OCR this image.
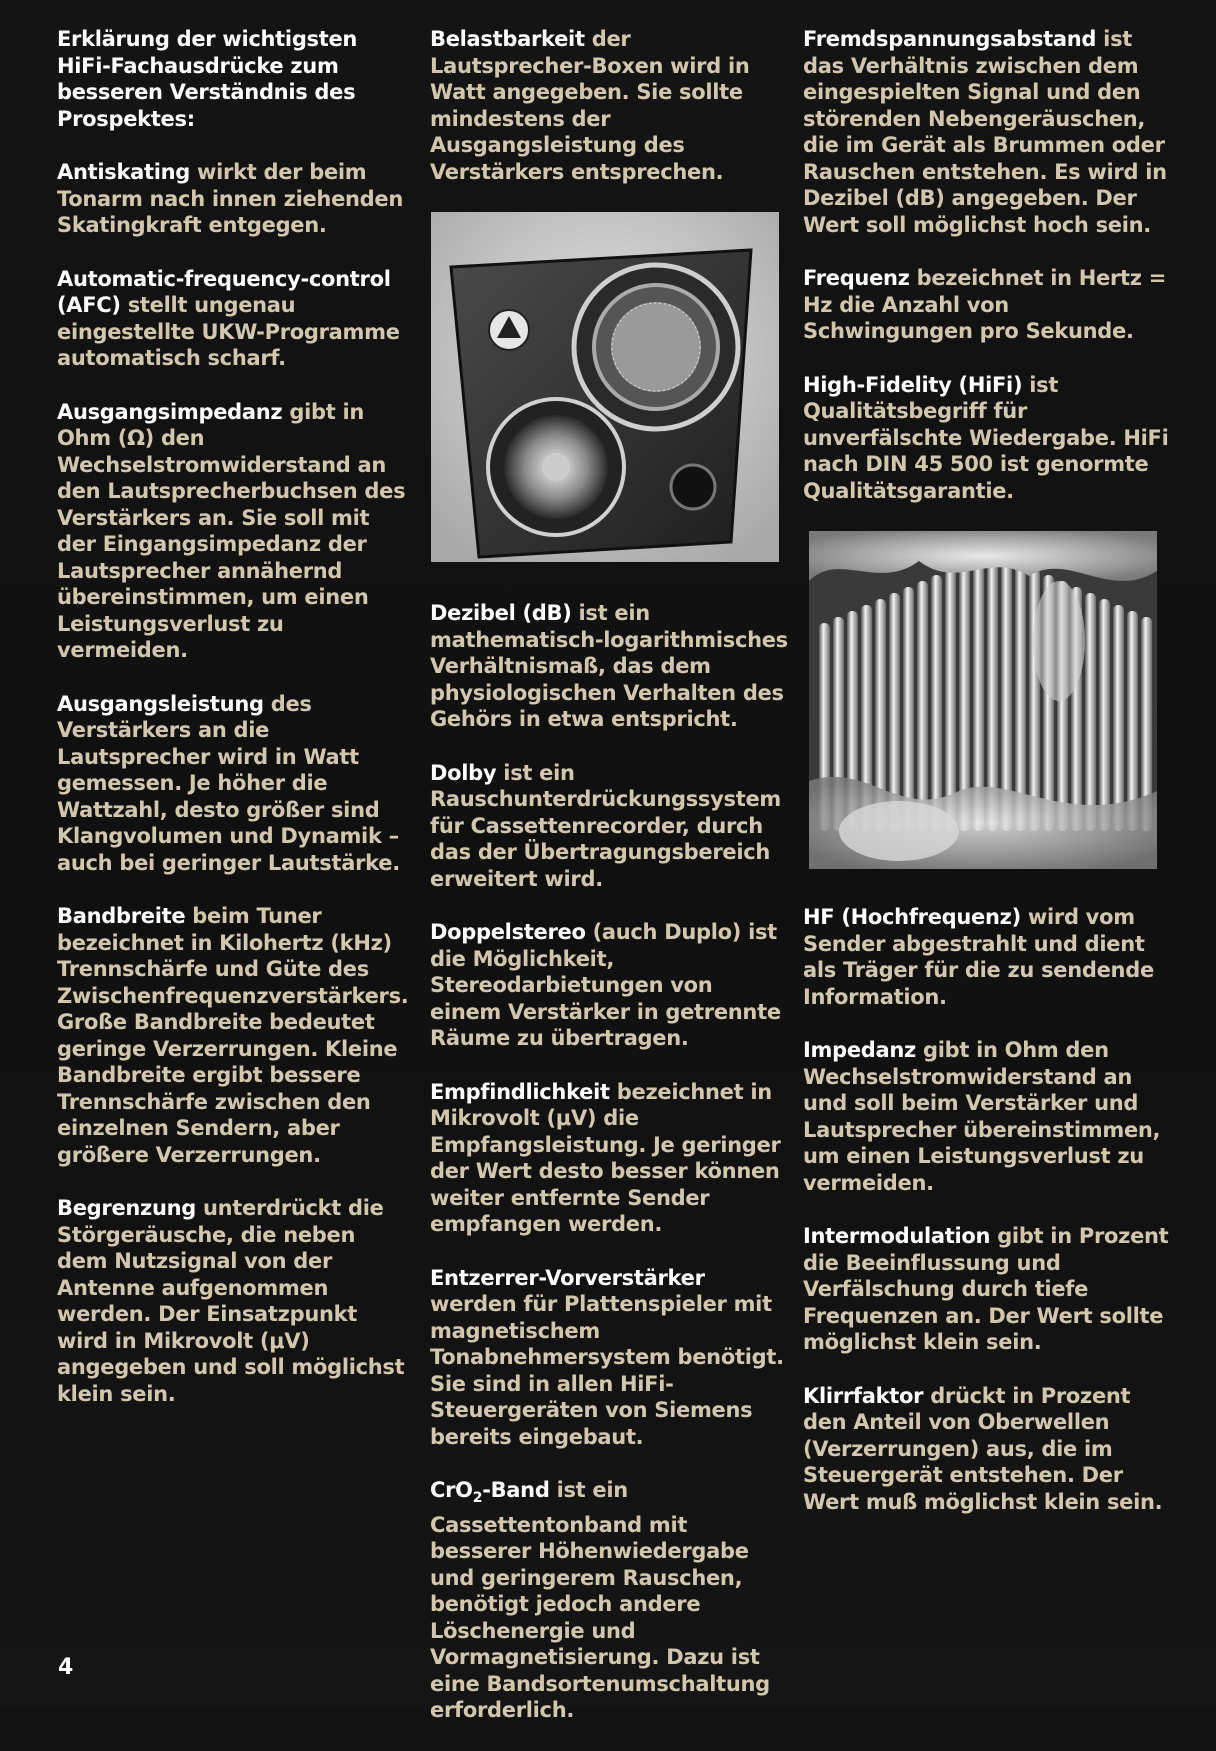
Erklärung der wichtigsten HiFi-Fachausdrücke zum besseren Verständnis des Prospektes:
Antiskating wirkt der beim Tonarm nach innen ziehenden Skatingkraft entgegen.
Automatic-frequency-control (AFC) stellt ungenau eingestellte UKW-Programme automatisch scharf.
Ausgangsimpedanz gibt in Ohm (Ω) den Wechselstromwiderstand an den Lautsprecherbuchsen des Verstärkers an. Sie soll mit der Eingangsimpedanz der Lautsprecher annähernd übereinstimmen, um einen Leistungsverlust zu vermeiden.
Ausgangsleistung des Verstärkers an die Lautsprecher wird in Watt gemessen. Je höher die Wattzahl, desto größer sind Klangvolumen und Dynamik – auch bei geringer Lautstärke.
Bandbreite beim Tuner bezeichnet in Kilohertz (kHz) Trennschärfe und Güte des Zwischenfrequenzverstärkers. Große Bandbreite bedeutet geringe Verzerrungen. Kleine Bandbreite ergibt bessere Trennschärfe zwischen den einzelnen Sendern, aber größere Verzerrungen.
Begrenzung unterdrückt die Störgeräusche, die neben dem Nutzsignal von der Antenne aufgenommen werden. Der Einsatzpunkt wird in Mikrovolt (μV) angegeben und soll möglichst klein sein.
Belastbarkeit der Lautsprecher-Boxen wird in Watt angegeben. Sie sollte mindestens der Ausgangsleistung des Verstärkers entsprechen.
Dezibel (dB) ist ein mathematisch-logarithmisches Verhältnismaß, das dem physiologischen Verhalten des Gehörs in etwa entspricht.
Dolby ist ein Rauschunterdrückungssystem für Cassettenrecorder, durch das der Übertragungsbereich erweitert wird.
Doppelstereo (auch Duplo) ist die Möglichkeit, Stereodarbietungen von einem Verstärker in getrennte Räume zu übertragen.
Empfindlichkeit bezeichnet in Mikrovolt (μV) die Empfangsleistung. Je geringer der Wert desto besser können weiter entfernte Sender empfangen werden.
Entzerrer-Vorverstärker werden für Plattenspieler mit magnetischem Tonabnehmersystem benötigt. Sie sind in allen HiFi-Steuergeräten von Siemens bereits eingebaut.
CrO$_2$-Band ist ein Cassettentonband mit besserer Höhenwiedergabe und geringerem Rauschen, benötigt jedoch andere Löschenergie und Vormagnetisierung. Dazu ist eine Bandsortenumschaltung erforderlich.
Fremdspannungsabstand ist das Verhältnis zwischen dem eingespielten Signal und den störenden Nebengeräuschen, die im Gerät als Brummen oder Rauschen entstehen. Es wird in Dezibel (dB) angegeben. Der Wert soll möglichst hoch sein.
Frequenz bezeichnet in Hertz = Hz die Anzahl von Schwingungen pro Sekunde.
High-Fidelity (HiFi) ist Qualitätsbegriff für unverfälschte Wiedergabe. HiFi nach DIN 45 500 ist genormte Qualitätsgarantie.
HF (Hochfrequenz) wird vom Sender abgestrahlt und dient als Träger für die zu sendende Information.
Impedanz gibt in Ohm den Wechselstromwiderstand an und soll beim Verstärker und Lautsprecher übereinstimmen, um einen Leistungsverlust zu vermeiden.
Intermodulation gibt in Prozent die Beeinflussung und Verfälschung durch tiefe Frequenzen an. Der Wert sollte möglichst klein sein.
Klirrfaktor drückt in Prozent den Anteil von Oberwellen (Verzerrungen) aus, die im Steuergerät entstehen. Der Wert muß möglichst klein sein.
4
